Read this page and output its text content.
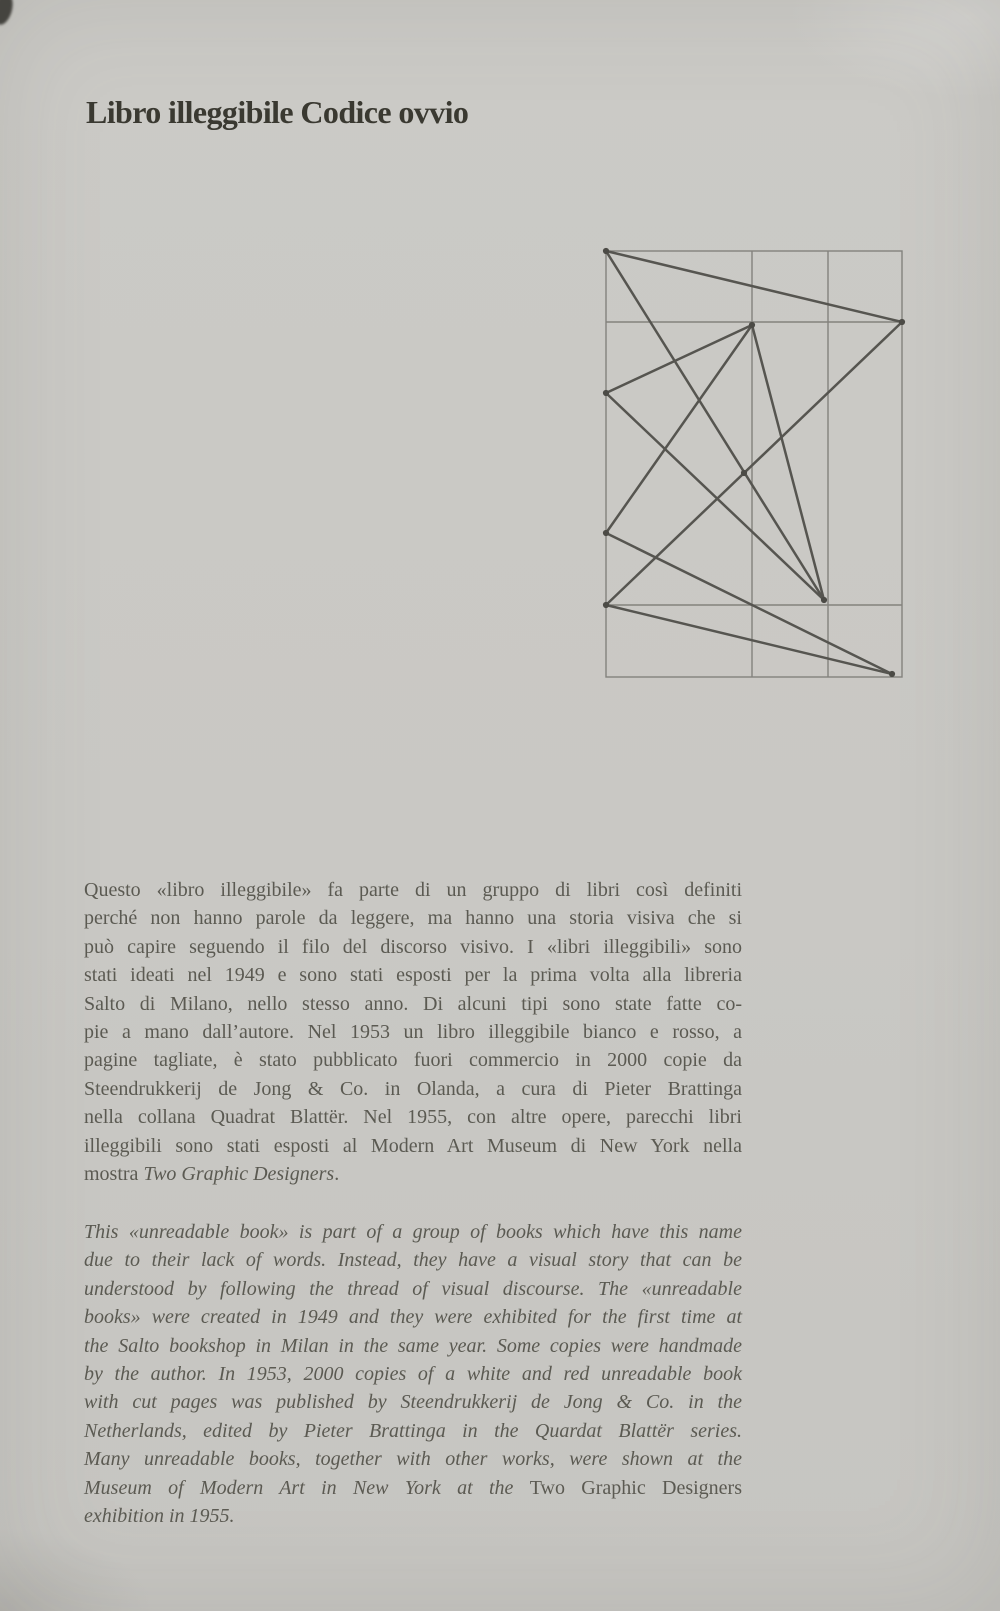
Libro illeggibile Codice ovvio
Questo «libro illeggibile» fa parte di un gruppo di libri così definiti
perché non hanno parole da leggere, ma hanno una storia visiva che si
può capire seguendo il filo del discorso visivo. I «libri illeggibili» sono
stati ideati nel 1949 e sono stati esposti per la prima volta alla libreria
Salto di Milano, nello stesso anno. Di alcuni tipi sono state fatte co-
pie a mano dall’autore. Nel 1953 un libro illeggibile bianco e rosso, a
pagine tagliate, è stato pubblicato fuori commercio in 2000 copie da
Steendrukkerij de Jong & Co. in Olanda, a cura di Pieter Brattinga
nella collana Quadrat Blattër. Nel 1955, con altre opere, parecchi libri
illeggibili sono stati esposti al Modern Art Museum di New York nella
mostra Two Graphic Designers.
This «unreadable book» is part of a group of books which have this name
due to their lack of words. Instead, they have a visual story that can be
understood by following the thread of visual discourse. The «unreadable
books» were created in 1949 and they were exhibited for the first time at
the Salto bookshop in Milan in the same year. Some copies were handmade
by the author. In 1953, 2000 copies of a white and red unreadable book
with cut pages was published by Steendrukkerij de Jong & Co. in the
Netherlands, edited by Pieter Brattinga in the Quardat Blattër series.
Many unreadable books, together with other works, were shown at the
Museum of Modern Art in New York at the Two Graphic Designers
exhibition in 1955.
